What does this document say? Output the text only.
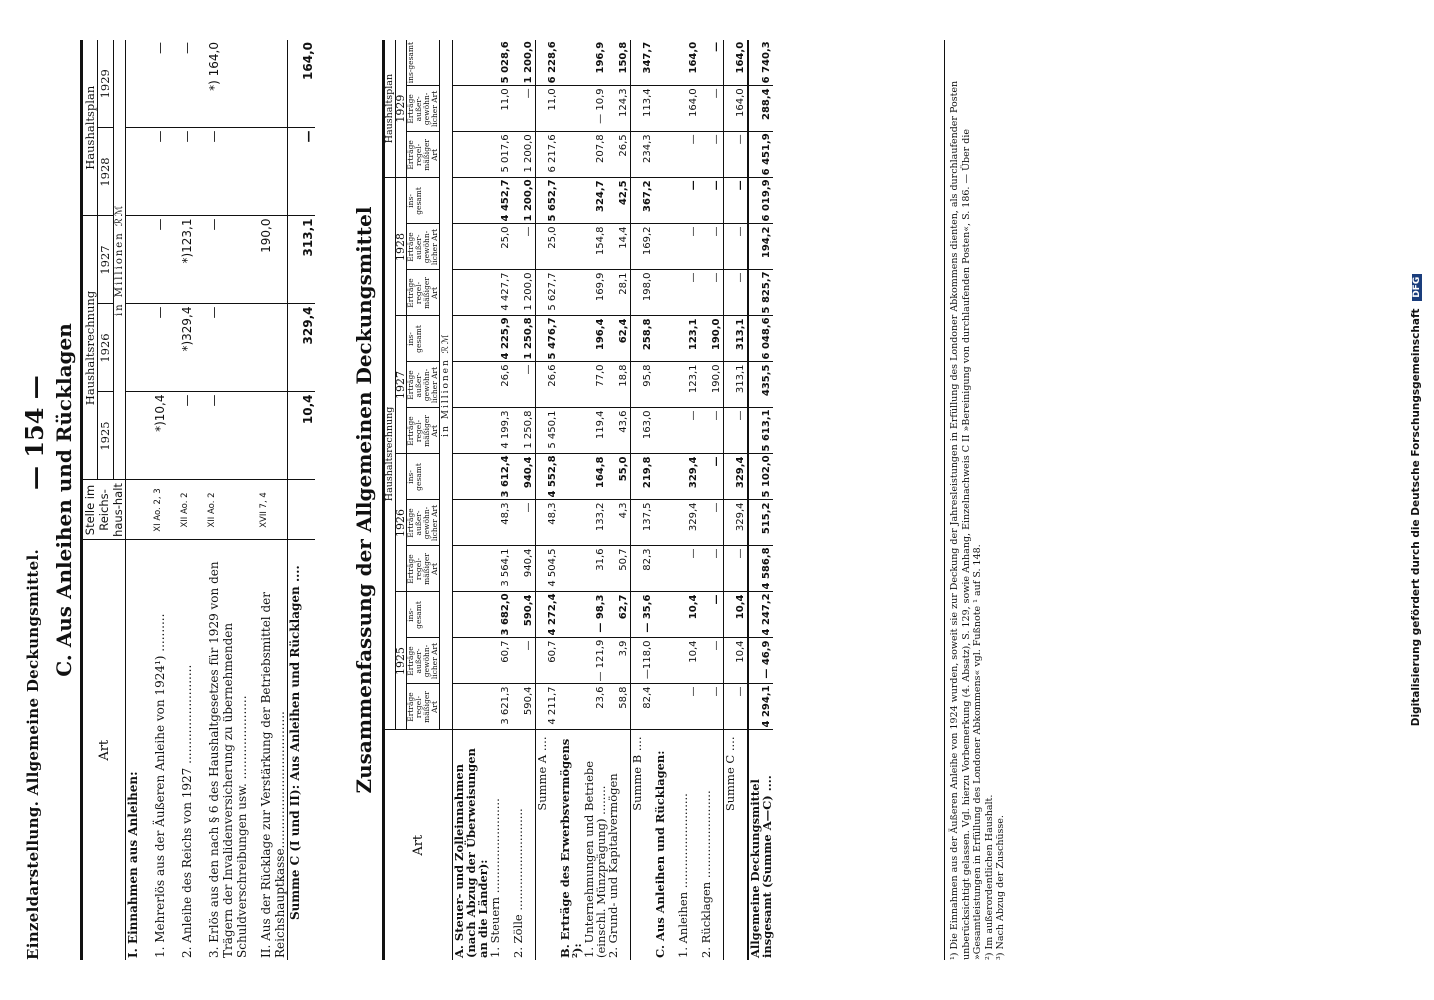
Einzeldarstellung. Allgemeine Deckungsmittel.
— 154 — C. Aus Anleihen und Rücklagen
Art	Stelle im Reichs-haus-halt	Haushaltsrechnung			Haushaltsplan	
		1925	1926	1927	1928	1929
		in Millionen ℛℳ				
I. Einnahmen aus Anleihen:						
1. Mehrerlös aus der Äußeren Anleihe von 1924¹) ..........	XI Ao. 2, 3	*)10,4	—	—	—	—
2. Anleihe des Reichs von 1927 ..........................	XII Ao. 2	—	*)329,4	*)123,1	—	—
3. Erlös aus den nach § 6 des Haushaltgesetzes für 1929 von den Trägern der Invalidenversicherung zu übernehmenden Schuldverschreibungen usw. ......................	XII Ao. 2	—	—	—	—	*) 164,0
II. Aus der Rücklage zur Verstärkung der Betriebsmittel der Reichshauptkasse....................................	XVII 7, 4			190,0		
Summe C (I und II): Aus Anleihen und Rücklagen ....		10,4	329,4	313,1	—	164,0
Zusammenfassung der Allgemeinen Deckungsmittel
Art	Haushaltsrechnung												Haushaltsplan		
	1925			1926			1927			1928			1929		
	Erträge regel-mäßiger Art	Erträge außer-gewöhn-licher Art	ins-gesamt	Erträge regel-mäßiger Art	Erträge außer-gewöhn-licher Art	ins-gesamt	Erträge regel-mäßiger Art	Erträge außer-gewöhn-licher Art	ins-gesamt	Erträge regel-mäßiger Art	Erträge außer-gewöhn-licher Art	ins-gesamt	Erträge regel-mäßiger Art	Erträge außer-gewöhn-licher Art	ins-gesamt
	in Millionen ℛℳ														
A. Steuer- und Zolleinnahmen (nach Abzug der Überweisungen an die Länder):															
1. Steuern ..........................	3 621,3	60,7	3 682,0	3 564,1	48,3	3 612,4	4 199,3	26,6	4 225,9	4 427,7	25,0	4 452,7	5 017,6	11,0	5 028,6
2. Zölle ............................	590,4	—	590,4	940,4	—	940,4	1 250,8	—	1 250,8	1 200,0	—	1 200,0	1 200,0	—	1 200,0
Summe A ....	4 211,7	60,7	4 272,4	4 504,5	48,3	4 552,8	5 450,1	26,6	5 476,7	5 627,7	25,0	5 652,7	6 217,6	11,0	6 228,6
B. Erträge des Erwerbsvermögens ²):															
1. Unternehmungen und Betriebe (einschl. Münzprägung) ........	23,6	— 121,9	— 98,3	31,6	133,2	164,8	119,4	77,0	196,4	169,9	154,8	324,7	207,8	— 10,9	196,9
2. Grund- und Kapitalvermögen	58,8	3,9	62,7	50,7	4,3	55,0	43,6	18,8	62,4	28,1	14,4	42,5	26,5	124,3	150,8
Summe B ....	82,4	—118,0	— 35,6	82,3	137,5	219,8	163,0	95,8	258,8	198,0	169,2	367,2	234,3	113,4	347,7
C. Aus Anleihen und Rücklagen:															
1. Anleihen ..........................	—	10,4	10,4	—	329,4	329,4	—	123,1	123,1	—	—	—	—	164,0	164,0
2. Rücklagen ........................	—	—	—	—	—	—	—	190,0	190,0	—	—	—	—	—	—
Summe C ....	—	10,4	10,4	—	329,4	329,4	—	313,1	313,1	—	—	—	—	164,0	164,0
Allgemeine Deckungsmittel insgesamt (Summe A—C) ....	4 294,1	— 46,9	4 247,2	4 586,8	515,2	5 102,0	5 613,1	435,5	6 048,6	5 825,7	194,2	6 019,9	6 451,9	288,4	6 740,3
¹) Die Einnahmen aus der Äußeren Anleihe von 1924 wurden, soweit sie zur Deckung der Jahresleistungen in Erfüllung des Londoner Abkommens dienten, als durchlaufender Posten unberücksichtigt gelassen. Vgl. hierzu Vorbemerkung (4. Absatz), S. 129, sowie Anhang, Einzelnachweis C II »Bereinigung von durchlaufenden Posten«, S. 186. — Über die »Gesamtleistungen in Erfüllung des Londoner Abkommens« vgl. Fußnote ¹ auf S. 148. ²) Im außerordentlichen Haushalt. ³) Nach Abzug der Zuschüsse.
Digitalisierung gefördert durch die Deutsche Forschungsgemeinschaft DFG
